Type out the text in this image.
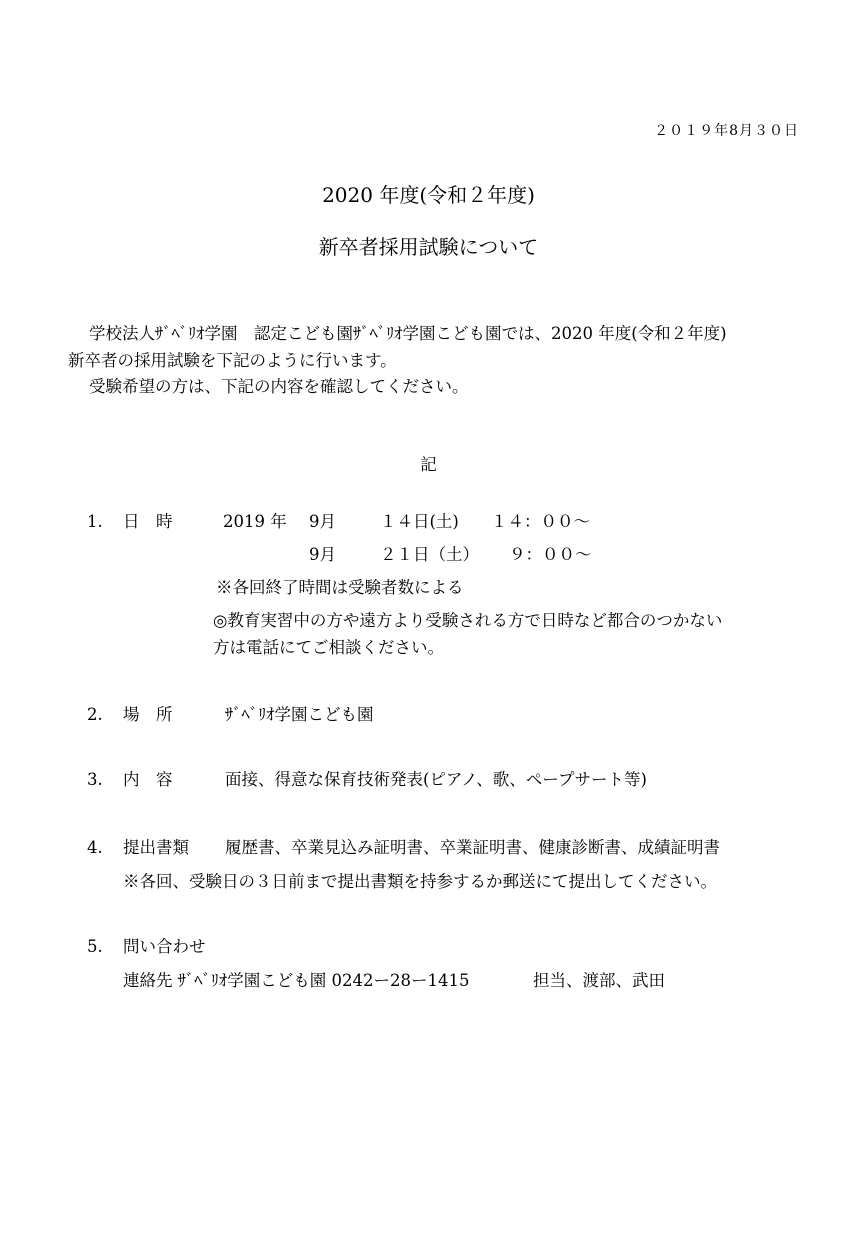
２０１９年8月３０日
2020 年度(令和２年度)
新卒者採用試験について
学校法人ｻﾞﾍﾞﾘｵ学園　認定こども園ｻﾞﾍﾞﾘｵ学園こども園では、2020 年度(令和２年度)
新卒者の採用試験を下記のように行います。
受験希望の方は、下記の内容を確認してください。
記
1. 日　時	2019 年 9月	１４日(土) １４：００～
9月	２１日（土） ９：００～
※各回終了時間は受験者数による
◎教育実習中の方や遠方より受験される方で日時など都合のつかない
方は電話にてご相談ください。
2. 場　所	ｻﾞﾍﾞﾘｵ学園こども園
3. 内　容	面接、得意な保育技術発表(ピアノ、歌、ペープサート等)
4. 提出書類 履歴書、卒業見込み証明書、卒業証明書、健康診断書、成績証明書
※各回、受験日の３日前まで提出書類を持参するか郵送にて提出してください。
5. 問い合わせ
連絡先 ｻﾞﾍﾞﾘｵ学園こども園 0242ー28ー1415	担当、渡部、武田
